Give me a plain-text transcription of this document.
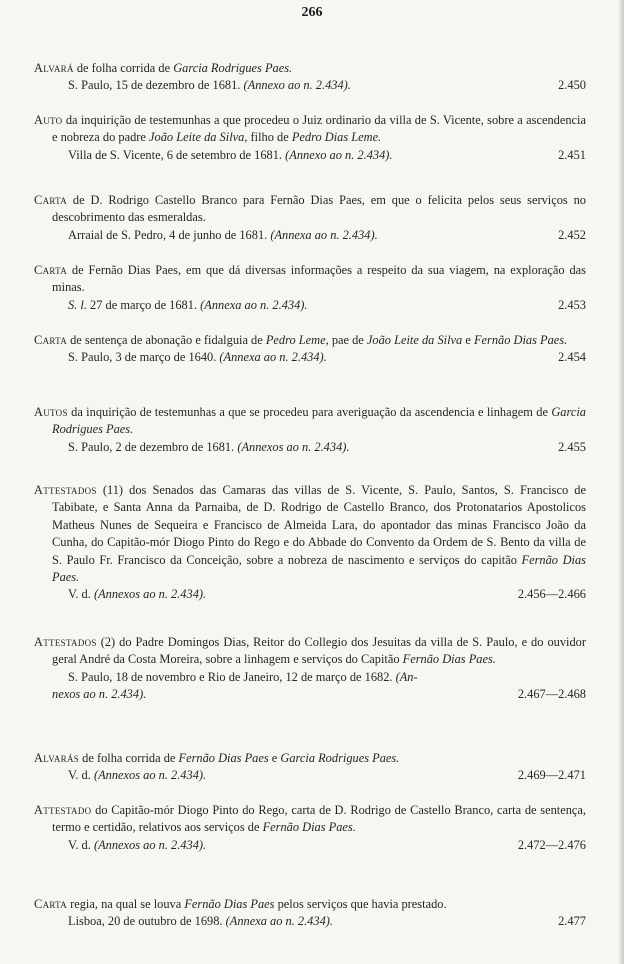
266
Alvará de folha corrida de Garcia Rodrigues Paes.
S. Paulo, 15 de dezembro de 1681. (Annexo ao n. 2.434).	2.450
Auto da inquirição de testemunhas a que procedeu o Juiz ordinario da villa de S. Vicente, sobre a ascendencia e nobreza do padre João Leite da Silva, filho de Pedro Dias Leme.
Villa de S. Vicente, 6 de setembro de 1681. (Annexo ao n. 2.434).	2.451
Carta de D. Rodrigo Castello Branco para Fernão Dias Paes, em que o felicita pelos seus serviços no descobrimento das esmeraldas.
Arraial de S. Pedro, 4 de junho de 1681. (Annexa ao n. 2.434).	2.452
Carta de Fernão Dias Paes, em que dá diversas informações a respeito da sua viagem, na exploração das minas.
S. l. 27 de março de 1681. (Annexa ao n. 2.434).	2.453
Carta de sentença de abonação e fidalguia de Pedro Leme, pae de João Leite da Silva e Fernão Dias Paes.
S. Paulo, 3 de março de 1640. (Annexa ao n. 2.434).	2.454
Autos da inquirição de testemunhas a que se procedeu para averiguação da ascendencia e linhagem de Garcia Rodrigues Paes.
S. Paulo, 2 de dezembro de 1681. (Annexos ao n. 2.434).	2.455
Attestados (11) dos Senados das Camaras das villas de S. Vicente, S. Paulo, Santos, S. Francisco de Tabibate, e Santa Anna da Parnaiba, de D. Rodrigo de Castello Branco, dos Protonatarios Apostolicos Matheus Nunes de Sequeira e Francisco de Almeida Lara, do apontador das minas Francisco João da Cunha, do Capitão-mór Diogo Pinto do Rego e do Abbade do Convento da Ordem de S. Bento da villa de S. Paulo Fr. Francisco da Conceição, sobre a nobreza de nascimento e serviços do capitão Fernão Dias Paes.
V. d. (Annexos ao n. 2.434).	2.456—2.466
Attestados (2) do Padre Domingos Dias, Reitor do Collegio dos Jesuitas da villa de S. Paulo, e do ouvidor geral André da Costa Moreira, sobre a linhagem e serviços do Capitão Fernão Dias Paes.
S. Paulo, 18 de novembro e Rio de Janeiro, 12 de março de 1682. (An-
nexos ao n. 2.434).	2.467—2.468
Alvarás de folha corrida de Fernão Dias Paes e Garcia Rodrigues Paes.
V. d. (Annexos ao n. 2.434).	2.469—2.471
Attestado do Capitão-mór Diogo Pinto do Rego, carta de D. Rodrigo de Castello Branco, carta de sentença, termo e certidão, relativos aos serviços de Fernão Dias Paes.
V. d. (Annexos ao n. 2.434).	2.472—2.476
Carta regia, na qual se louva Fernão Dias Paes pelos serviços que havia prestado.
Lisboa, 20 de outubro de 1698. (Annexa ao n. 2.434).	2.477
